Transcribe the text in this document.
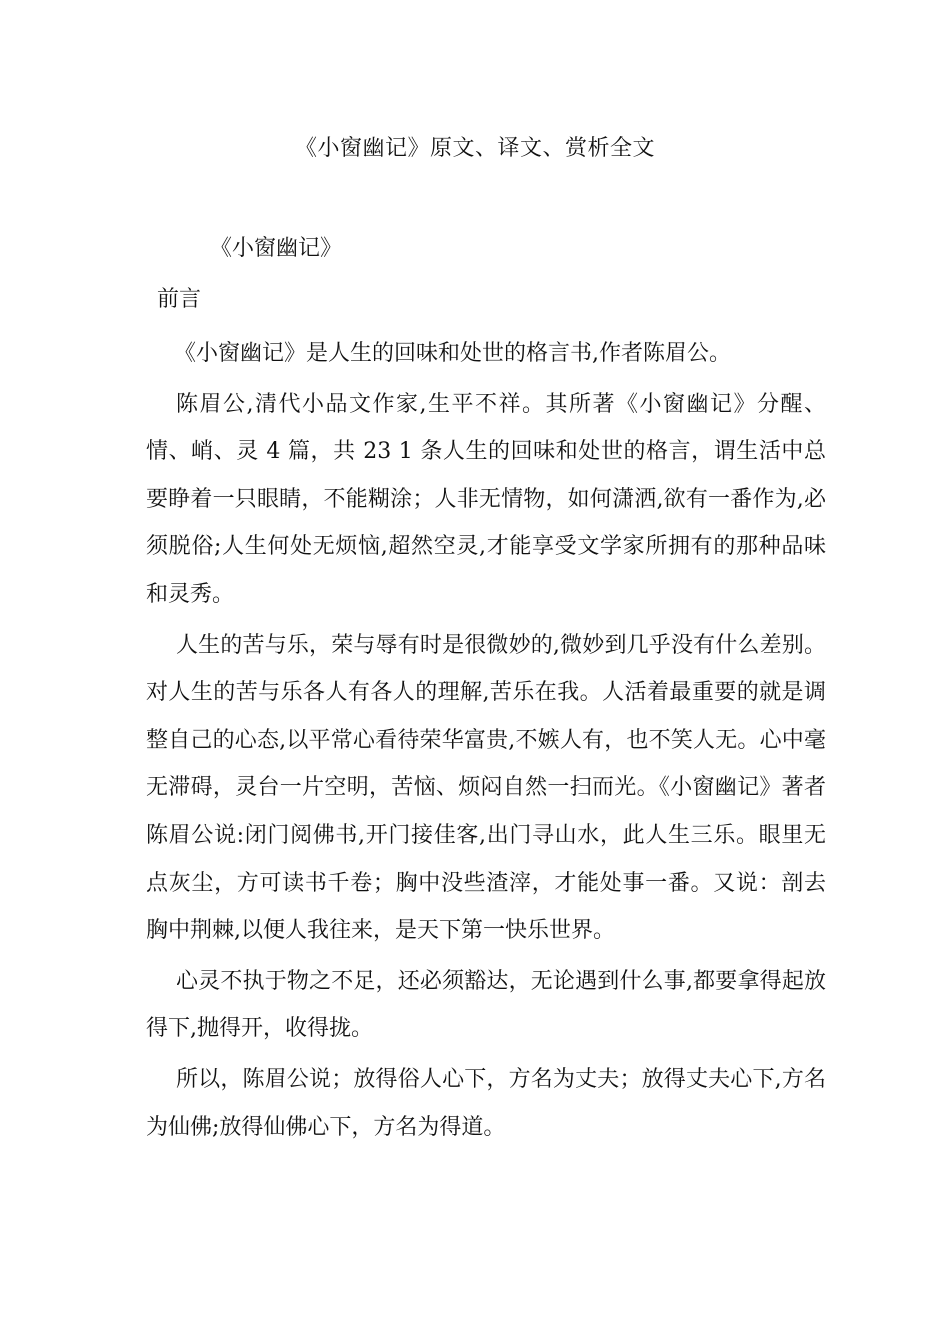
《小窗幽记》原文、译文、赏析全文
《小窗幽记》
前言

《小窗幽记》是人生的回味和处世的格言书,作者陈眉公。

陈眉公,清代小品文作家,生平不祥。其所著《小窗幽记》分醒、情、峭、灵 4 篇，共 23 1 条人生的回味和处世的格言，谓生活中总要睁着一只眼睛，不能糊涂；人非无情物，如何潇洒,欲有一番作为,必须脱俗;人生何处无烦恼,超然空灵,才能享受文学家所拥有的那种品味和灵秀。

人生的苦与乐，荣与辱有时是很微妙的,微妙到几乎没有什么差别。对人生的苦与乐各人有各人的理解,苦乐在我。人活着最重要的就是调整自己的心态,以平常心看待荣华富贵,不嫉人有，也不笑人无。心中毫无滞碍，灵台一片空明，苦恼、烦闷自然一扫而光。《小窗幽记》著者陈眉公说:闭门阅佛书,开门接佳客,出门寻山水，此人生三乐。眼里无点灰尘，方可读书千卷；胸中没些渣滓，才能处事一番。又说：剖去胸中荆棘,以便人我往来，是天下第一快乐世界。

心灵不执于物之不足，还必须豁达，无论遇到什么事,都要拿得起放得下,抛得开，收得拢。

所以，陈眉公说；放得俗人心下，方名为丈夫；放得丈夫心下,方名为仙佛;放得仙佛心下，方名为得道。
